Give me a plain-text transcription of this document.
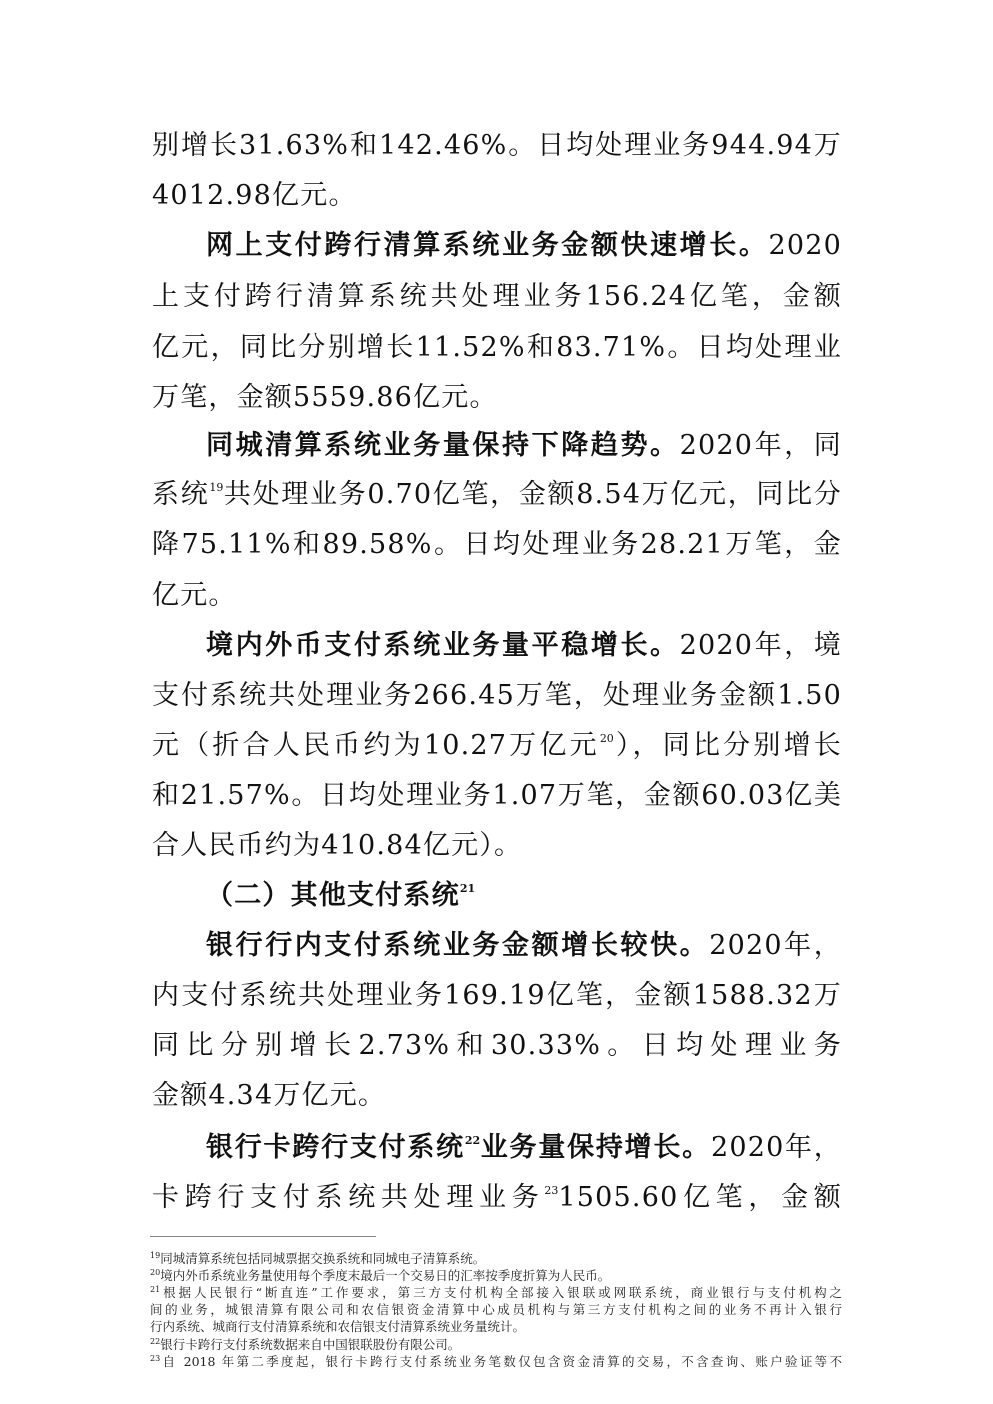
别增长31.63%和142.46%。日均处理业务944.94万
4012.98亿元。
网上支付跨行清算系统业务金额快速增长。2020
上支付跨行清算系统共处理业务156.24亿笔，金额
亿元，同比分别增长11.52%和83.71%。日均处理业
万笔，金额5559.86亿元。
同城清算系统业务量保持下降趋势。2020年，同
系统$^{19}$共处理业务0.70亿笔，金额8.54万亿元，同比分
降75.11%和89.58%。日均处理业务28.21万笔，金
亿元。
境内外币支付系统业务量平稳增长。2020年，境
支付系统共处理业务266.45万笔，处理业务金额1.50
元（折合人民币约为10.27万亿元$^{20}$），同比分别增长
和21.57%。日均处理业务1.07万笔，金额60.03亿美
合人民币约为410.84亿元）。
（二）其他支付系统$^{21}$
银行行内支付系统业务金额增长较快。2020年，
内支付系统共处理业务169.19亿笔，金额1588.32万
同比分别增长2.73%和30.33%。日均处理业务
金额4.34万亿元。
银行卡跨行支付系统$^{22}$业务量保持增长。2020年，
卡跨行支付系统共处理业务$^{23}$1505.60亿笔，金额
$^{19}$同城清算系统包括同城票据交换系统和同城电子清算系统。
$^{20}$境内外币系统业务量使用每个季度末最后一个交易日的汇率按季度折算为人民币。
$^{21}$根据人民银行“断直连”工作要求，第三方支付机构全部接入银联或网联系统，商业银行与支付机构之
间的业务，城银清算有限公司和农信银资金清算中心成员机构与第三方支付机构之间的业务不再计入银行
行内系统、城商行支付清算系统和农信银支付清算系统业务量统计。
$^{22}$银行卡跨行支付系统数据来自中国银联股份有限公司。
$^{23}$自 2018 年第二季度起，银行卡跨行支付系统业务笔数仅包含资金清算的交易，不含查询、账户验证等不
